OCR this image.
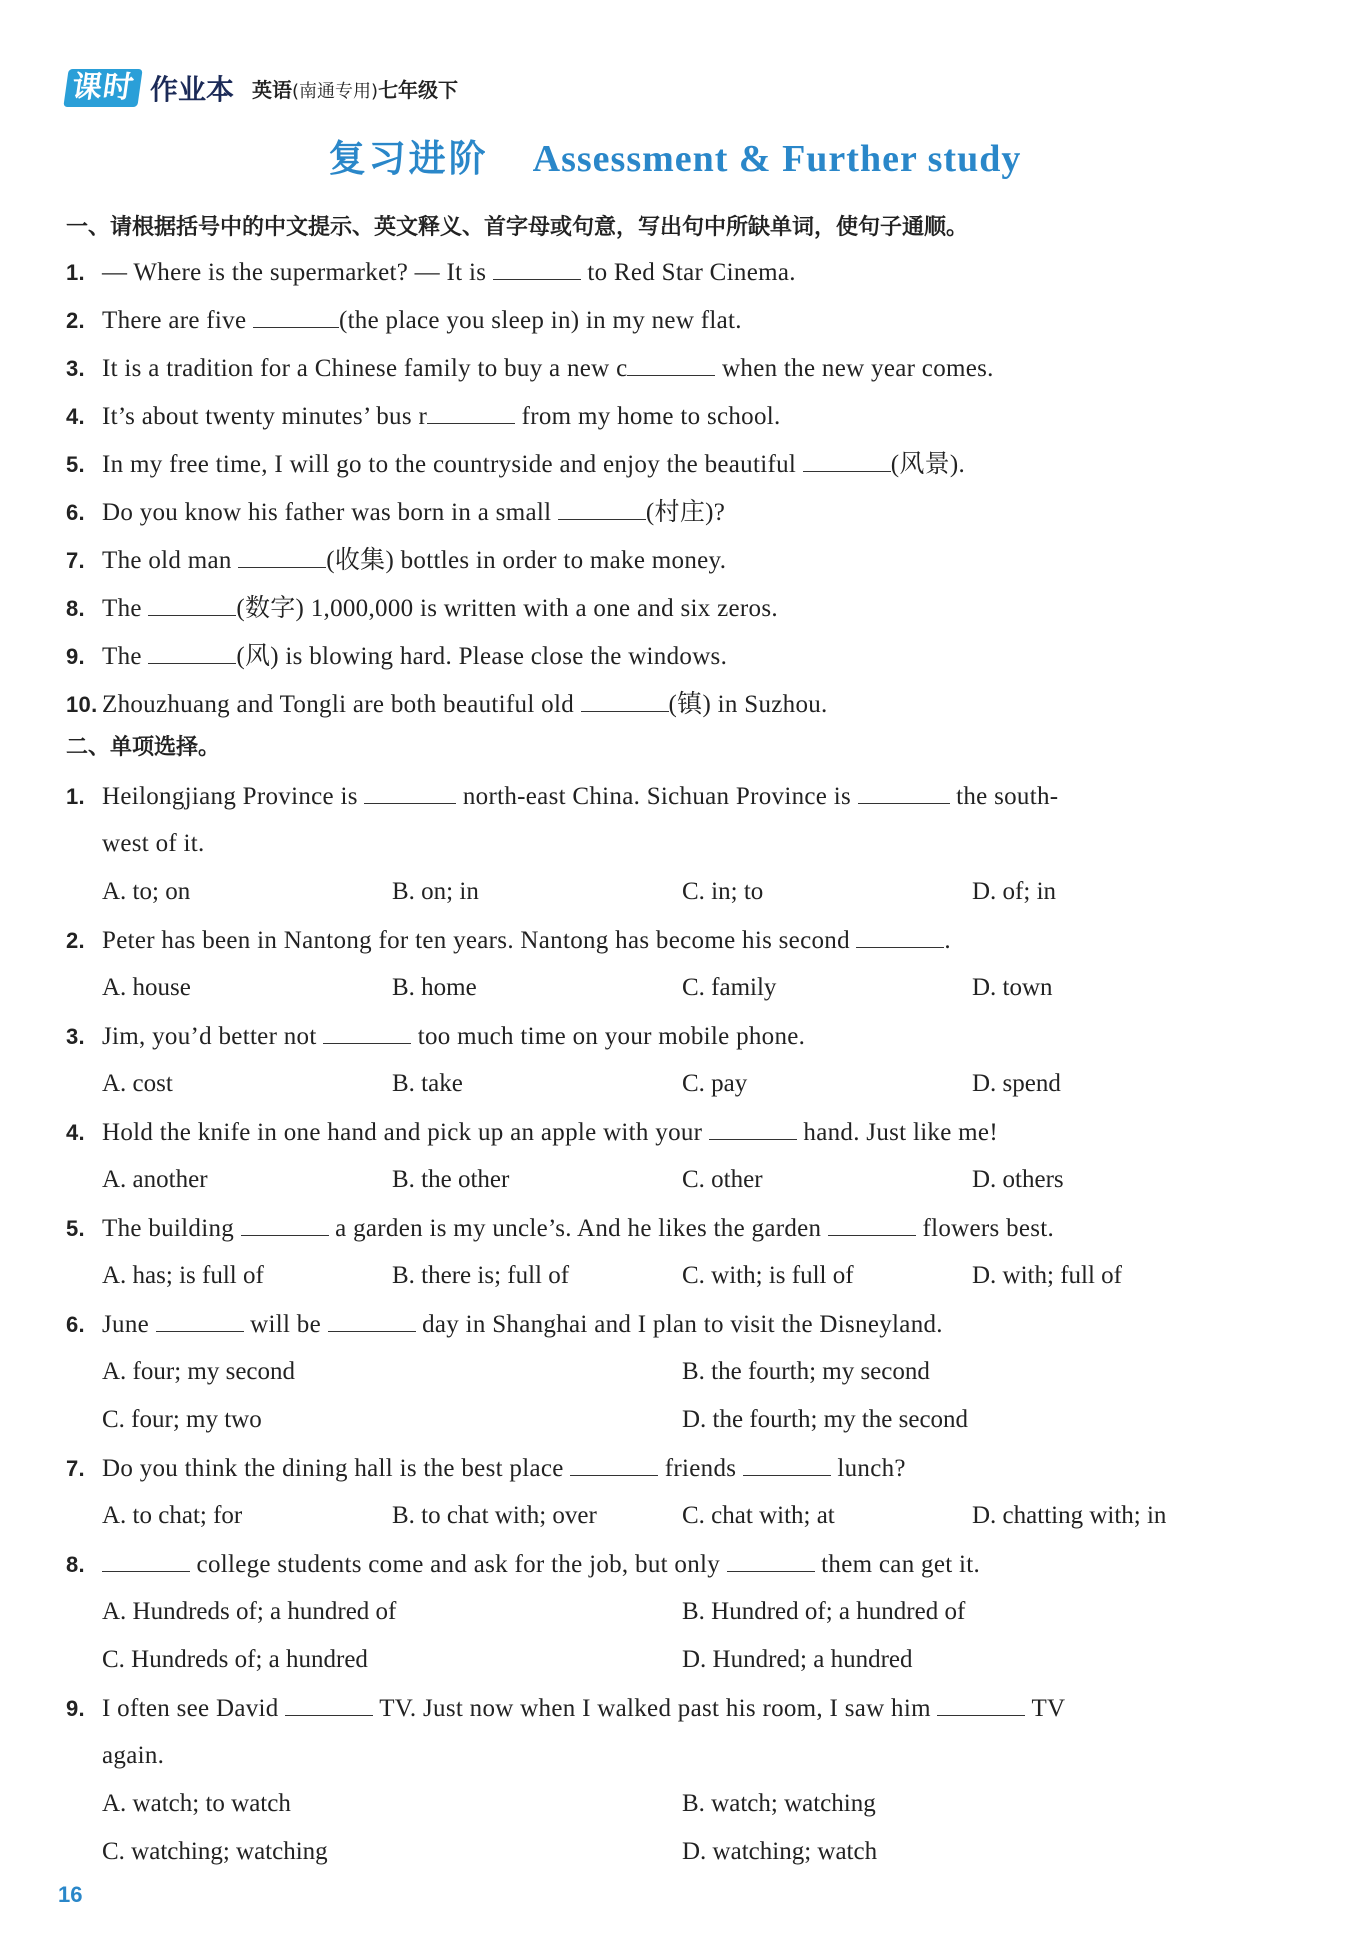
课时 作业本 英语(南通专用)七年级下
复习进阶 Assessment & Further study
一、请根据括号中的中文提示、英文释义、首字母或句意，写出句中所缺单词，使句子通顺。
1. — Where is the supermarket? — It is	to Red Star Cinema.
2. There are five	(the place you sleep in) in my new flat.
3. It is a tradition for a Chinese family to buy a new c	when the new year comes.
4. It’s about twenty minutes’ bus r	from my home to school.
5. In my free time, I will go to the countryside and enjoy the beautiful	(风景).
6. Do you know his father was born in a small	(村庄)?
7. The old man	(收集) bottles in order to make money.
8. The	(数字) 1,000,000 is written with a one and six zeros.
9. The	(风) is blowing hard. Please close the windows.
10. Zhouzhuang and Tongli are both beautiful old	(镇) in Suzhou.
二、单项选择。
1. Heilongjiang Province is	north-east China. Sichuan Province is	the south-
west of it.
A. to; on	B. on; in	C. in; to	D. of; in
2. Peter has been in Nantong for ten years. Nantong has become his second	.
A. house	B. home	C. family	D. town
3. Jim, you’d better not	too much time on your mobile phone.
A. cost	B. take	C. pay	D. spend
4. Hold the knife in one hand and pick up an apple with your	hand. Just like me!
A. another	B. the other	C. other	D. others
5. The building	a garden is my uncle’s. And he likes the garden	flowers best.
A. has; is full of	B. there is; full of	C. with; is full of	D. with; full of
6. June	will be	day in Shanghai and I plan to visit the Disneyland.
A. four; my second	B. the fourth; my second
C. four; my two	D. the fourth; my the second
7. Do you think the dining hall is the best place	friends	lunch?
A. to chat; for	B. to chat with; over	C. chat with; at	D. chatting with; in
8.	college students come and ask for the job, but only	them can get it.
A. Hundreds of; a hundred of	B. Hundred of; a hundred of
C. Hundreds of; a hundred	D. Hundred; a hundred
9. I often see David	TV. Just now when I walked past his room, I saw him	TV
again.
A. watch; to watch	B. watch; watching
C. watching; watching	D. watching; watch
16
